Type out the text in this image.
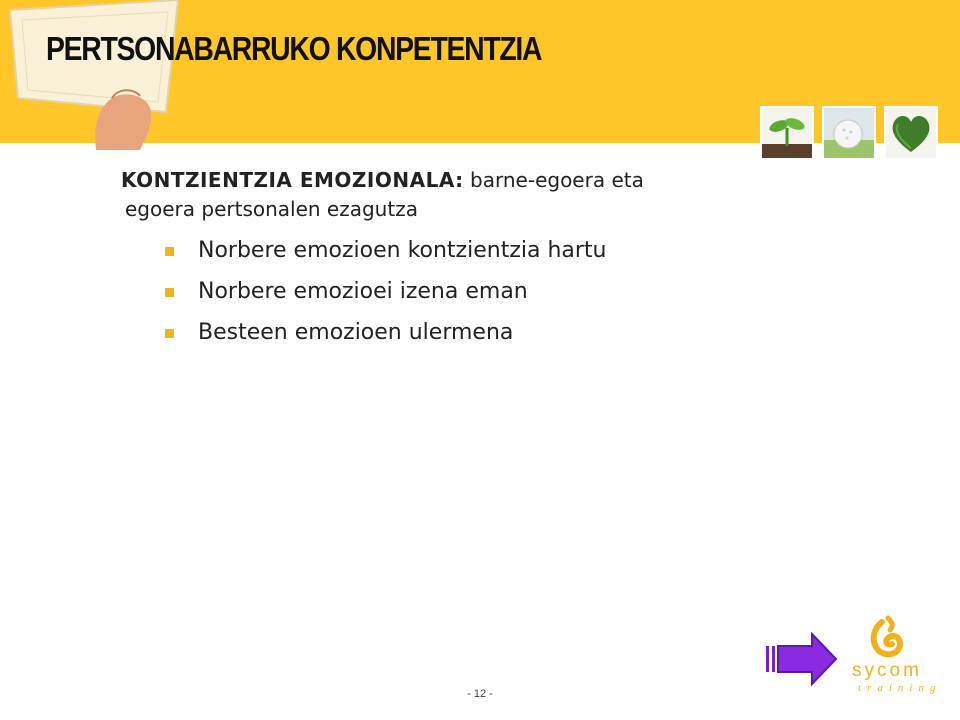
PERTSONABARRUKO KONPETENTZIA

KONTZIENTZIA EMOZIONALA: barne-egoera eta
egoera pertsonalen ezagutza

Norbere emozioen kontzientzia hartu
Norbere emozioei izena eman
Besteen emozioen ulermena
- 12 -
sycom
training
